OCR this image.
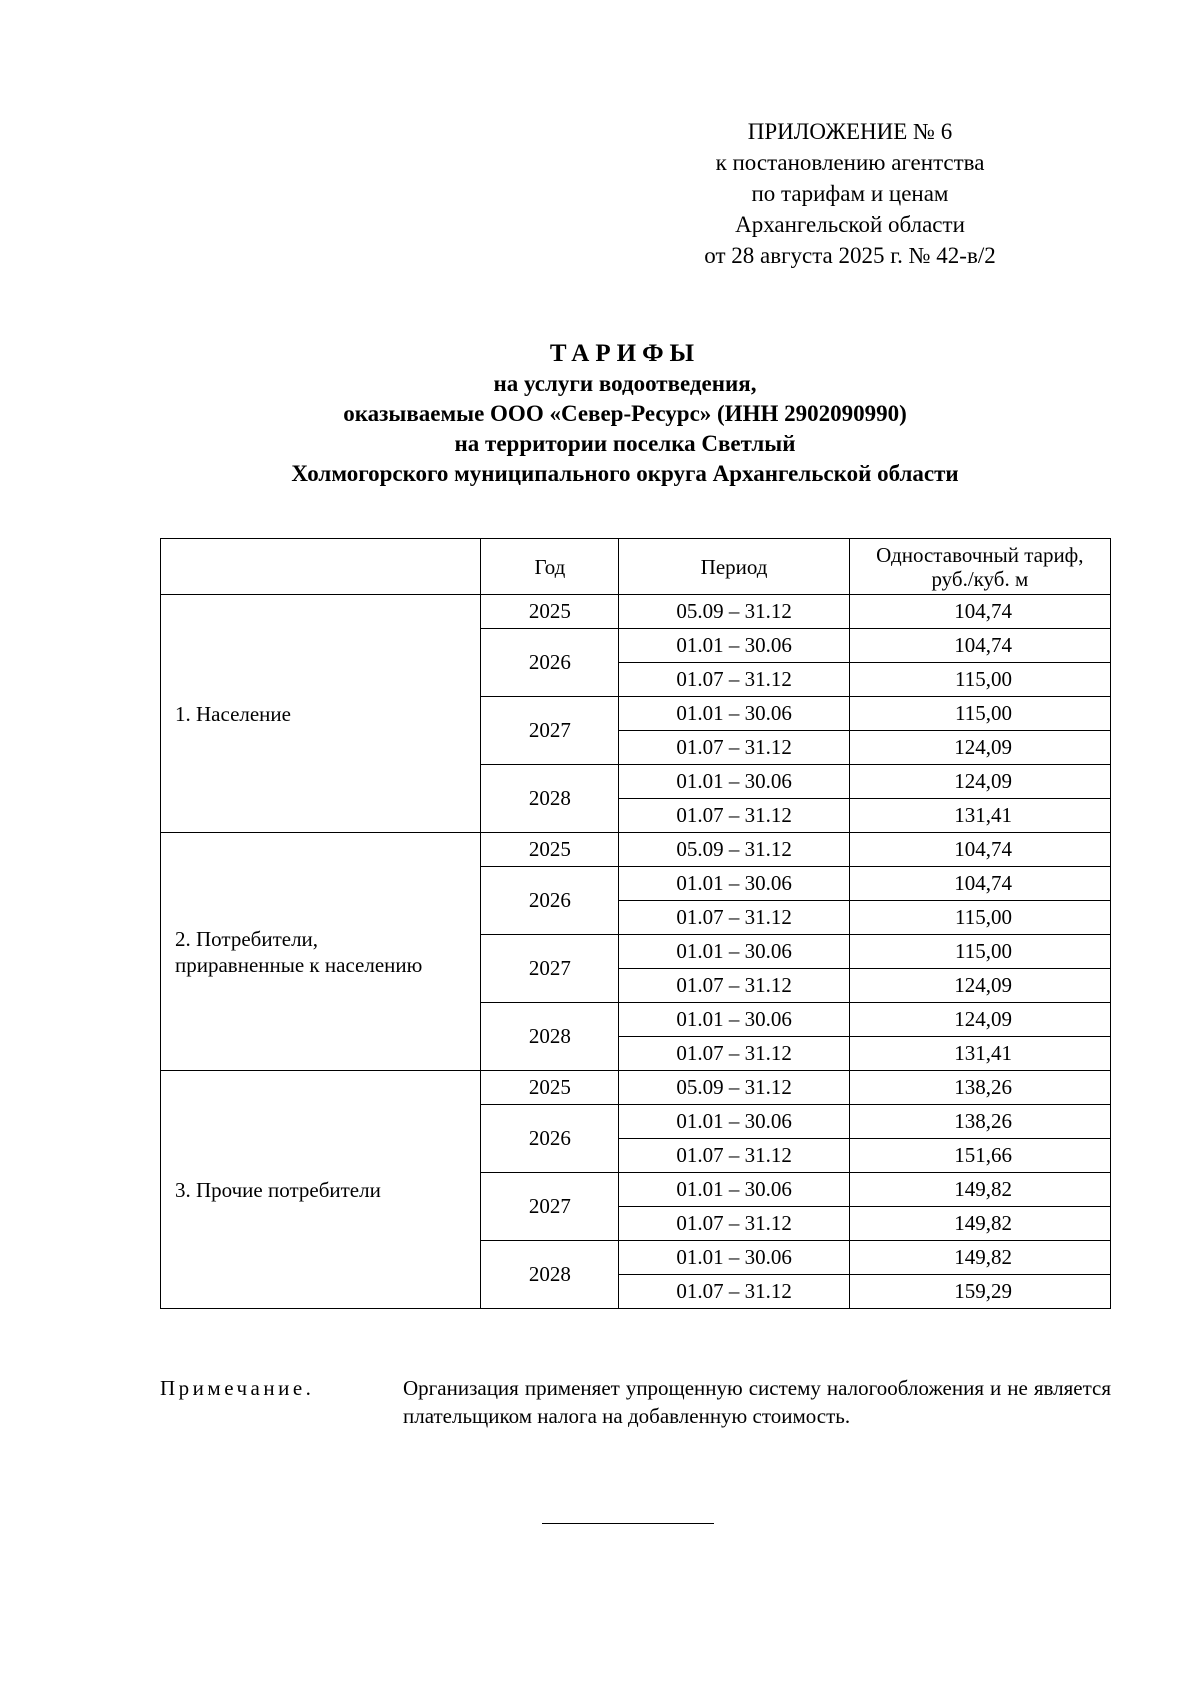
ПРИЛОЖЕНИЕ № 6
к постановлению агентства
по тарифам и ценам
Архангельской области
от 28 августа 2025 г. № 42-в/2
ТАРИФЫ
на услуги водоотведения,
оказываемые ООО «Север-Ресурс» (ИНН 2902090990)
на территории поселка Светлый
Холмогорского муниципального округа Архангельской области
	Год	Период	Одноставочный тариф,
руб./куб. м

1. Население	2025	05.09 – 31.12	104,74
	2026	01.01 – 30.06	104,74
		01.07 – 31.12	115,00
	2027	01.01 – 30.06	115,00
		01.07 – 31.12	124,09
	2028	01.01 – 30.06	124,09
		01.07 – 31.12	131,41

2. Потребители,
приравненные к населению	2025	05.09 – 31.12	104,74
	2026	01.01 – 30.06	104,74
		01.07 – 31.12	115,00
	2027	01.01 – 30.06	115,00
		01.07 – 31.12	124,09
	2028	01.01 – 30.06	124,09
		01.07 – 31.12	131,41

3. Прочие потребители	2025	05.09 – 31.12	138,26
	2026	01.01 – 30.06	138,26
		01.07 – 31.12	151,66
	2027	01.01 – 30.06	149,82
		01.07 – 31.12	149,82
	2028	01.01 – 30.06	149,82
		01.07 – 31.12	159,29
Примечание.	Организация применяет упрощенную систему налогообложения и не является плательщиком налога на добавленную стоимость.
